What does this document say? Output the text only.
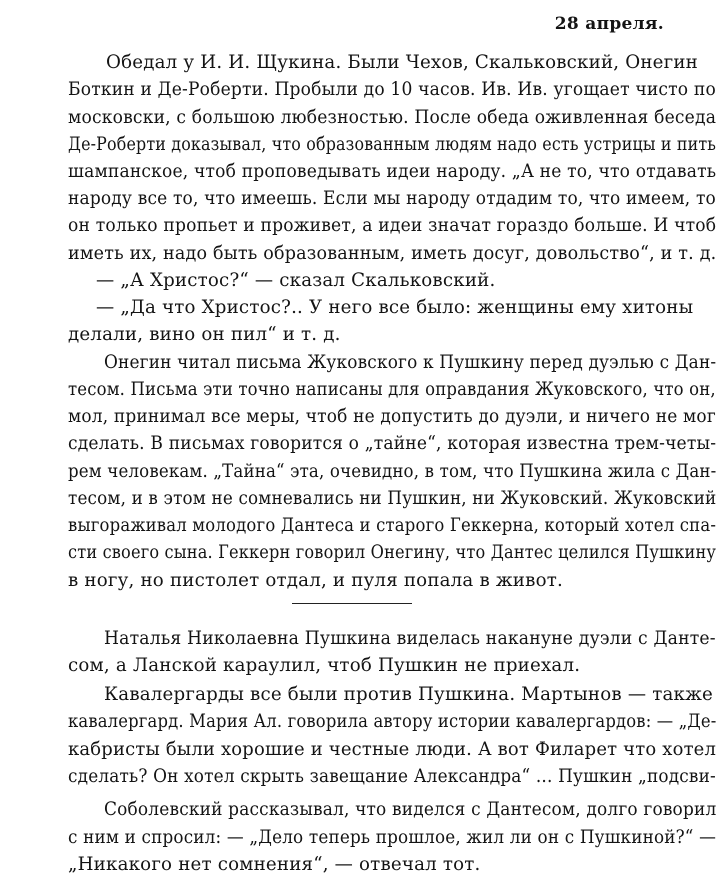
28 апреля.
Обедал у И. И. Щукина. Были Чехов, Скальковский, Онегин
Боткин и Де-Роберти. Пробыли до 10 часов. Ив. Ив. угощает чисто по
московски, с большою любезностью. После обеда оживленная беседа
Де-Роберти доказывал, что образованным людям надо есть устрицы и пить
шампанское, чтоб проповедывать идеи народу. „А не то, что отдавать
народу все то, что имеешь. Если мы народу отдадим то, что имеем, то
он только пропьет и проживет, а идеи значат гораздо больше. И чтоб
иметь их, надо быть образованным, иметь досуг, довольство“, и т. д.
— „А Христос?“ — сказал Скальковский.
— „Да что Христос?.. У него все было: женщины ему хитоны
делали, вино он пил“ и т. д.
Онегин читал письма Жуковского к Пушкину перед дуэлью с Дан-
тесом. Письма эти точно написаны для оправдания Жуковского, что он,
мол, принимал все меры, чтоб не допустить до дуэли, и ничего не мог
сделать. В письмах говорится о „тайне“, которая известна трем-четы-
рем человекам. „Тайна“ эта, очевидно, в том, что Пушкина жила с Дан-
тесом, и в этом не сомневались ни Пушкин, ни Жуковский. Жуковский
выгораживал молодого Дантеса и старого Геккерна, который хотел спа-
сти своего сына. Геккерн говорил Онегину, что Дантес целился Пушкину
в ногу, но пистолет отдал, и пуля попала в живот.
Наталья Николаевна Пушкина виделась накануне дуэли с Данте-
сом, а Ланской караулил, чтоб Пушкин не приехал.
Кавалергарды все были против Пушкина. Мартынов — также
кавалергард. Мария Ал. говорила автору истории кавалергардов: — „Де-
кабристы были хорошие и честные люди. А вот Филарет что хотел
сделать? Он хотел скрыть завещание Александра“ ... Пушкин „подсви-
Соболевский рассказывал, что виделся с Дантесом, долго говорил
с ним и спросил: — „Дело теперь прошлое, жил ли он с Пушкиной?“ —
„Никакого нет сомнения“, — отвечал тот.
